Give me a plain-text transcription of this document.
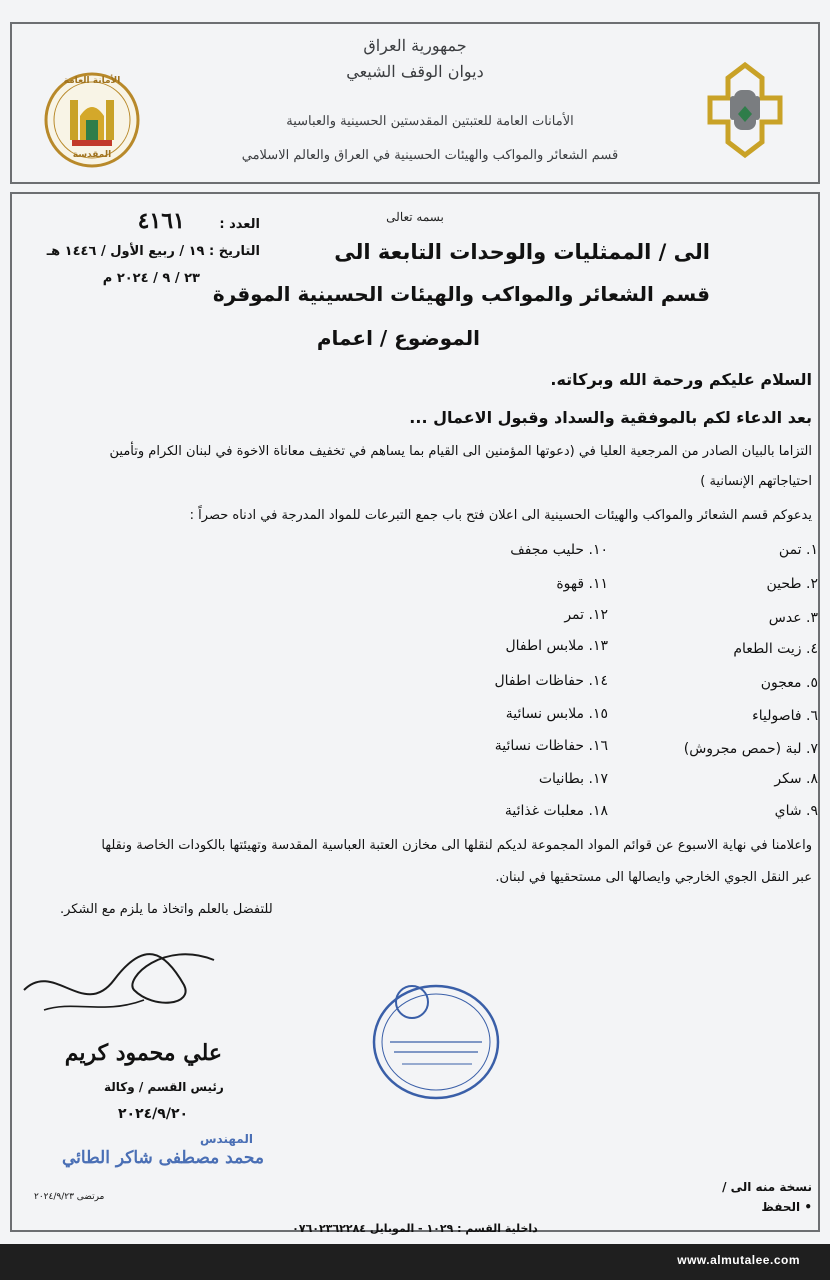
جمهورية العراق
ديوان الوقف الشيعي
الأمانات العامة للعتبتين المقدستين الحسينية والعباسية
قسم الشعائر والمواكب والهيئات الحسينية في العراق والعالم الاسلامي
الأمانة العامة
المقدسة
العدد : ٤١٦١
التاريخ : ١٩ / ربيع الأول / ١٤٤٦ هـ
٢٣ / ٩ / ٢٠٢٤ م
بسمه تعالى
الى / الممثليات والوحدات التابعة الى
قسم الشعائر والمواكب والهيئات الحسينية الموقرة
الموضوع / اعمام
السلام عليكم ورحمة الله وبركاته.
بعد الدعاء لكم بالموفقية والسداد وقبول الاعمال ...
التزاما بالبيان الصادر من المرجعية العليا في (دعوتها المؤمنين الى القيام بما يساهم في تخفيف معاناة الاخوة في لبنان الكرام وتأمين
احتياجاتهم الإنسانية )
يدعوكم قسم الشعائر والمواكب والهيئات الحسينية الى اعلان فتح باب جمع التبرعات للمواد المدرجة في ادناه حصراً :
١. تمن
٢. طحين
٣. عدس
٤. زيت الطعام
٥. معجون
٦. فاصولياء
٧. لبة (حمص مجروش)
٨. سكر
٩. شاي
١٠. حليب مجفف
١١. قهوة
١٢. تمر
١٣. ملابس اطفال
١٤. حفاظات اطفال
١٥. ملابس نسائية
١٦. حفاظات نسائية
١٧. بطانيات
١٨. معلبات غذائية
واعلامنا في نهاية الاسبوع عن قوائم المواد المجموعة لديكم لنقلها الى مخازن العتبة العباسية المقدسة وتهيئتها بالكودات الخاصة ونقلها
عبر النقل الجوي الخارجي وايصالها الى مستحقيها في لبنان.
للتفضل بالعلم واتخاذ ما يلزم مع الشكر.
علي محمود كريم
رئيس القسم / وكالة
٢٠٢٤/٩/٢٠
المهندس
محمد مصطفى شاكر الطائي
مرتضى ٢٠٢٤/٩/٢٣
نسخة منه الى /
• الحفظ
داخلية القسم : ١٠٢٩ - الموبايل ٠٧٦٠٢٣٦٢٢٨٤
www.almutalee.com
